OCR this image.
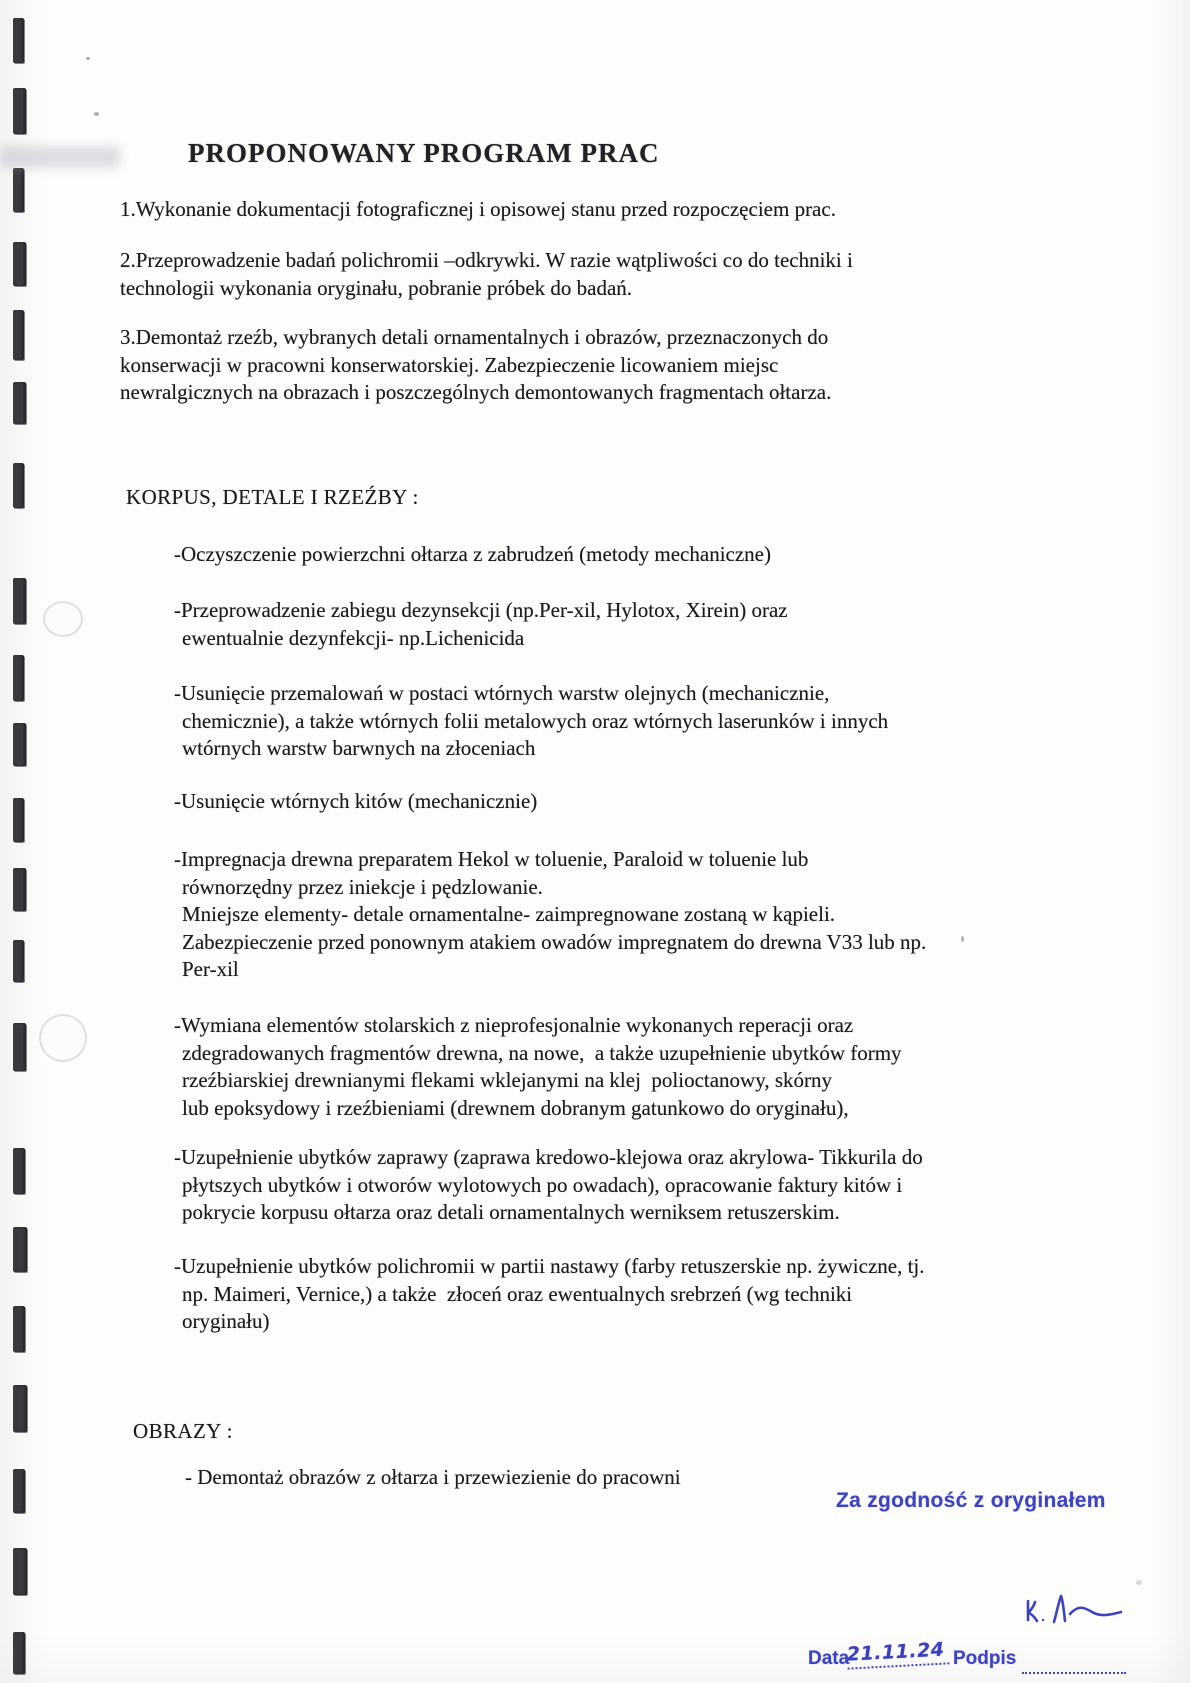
PROPONOWANY PROGRAM PRAC
1.Wykonanie dokumentacji fotograficznej i opisowej stanu przed rozpoczęciem prac.
2.Przeprowadzenie badań polichromii –odkrywki. W razie wątpliwości co do techniki i
technologii wykonania oryginału, pobranie próbek do badań.
3.Demontaż rzeźb, wybranych detali ornamentalnych i obrazów, przeznaczonych do
konserwacji w pracowni konserwatorskiej. Zabezpieczenie licowaniem miejsc
newralgicznych na obrazach i poszczególnych demontowanych fragmentach ołtarza.
KORPUS, DETALE I RZEŹBY :
-Oczyszczenie powierzchni ołtarza z zabrudzeń (metody mechaniczne)
-Przeprowadzenie zabiegu dezynsekcji (np.Per-xil, Hylotox, Xirein) oraz
ewentualnie dezynfekcji- np.Lichenicida
-Usunięcie przemalowań w postaci wtórnych warstw olejnych (mechanicznie,
chemicznie), a także wtórnych folii metalowych oraz wtórnych laserunków i innych
wtórnych warstw barwnych na złoceniach
-Usunięcie wtórnych kitów (mechanicznie)
-Impregnacja drewna preparatem Hekol w toluenie, Paraloid w toluenie lub
równorzędny przez iniekcje i pędzlowanie.
Mniejsze elementy- detale ornamentalne- zaimpregnowane zostaną w kąpieli.
Zabezpieczenie przed ponownym atakiem owadów impregnatem do drewna V33 lub np.
Per-xil
-Wymiana elementów stolarskich z nieprofesjonalnie wykonanych reperacji oraz
zdegradowanych fragmentów drewna, na nowe,  a także uzupełnienie ubytków formy
rzeźbiarskiej drewnianymi flekami wklejanymi na klej  polioctanowy, skórny
lub epoksydowy i rzeźbieniami (drewnem dobranym gatunkowo do oryginału),
-Uzupełnienie ubytków zaprawy (zaprawa kredowo-klejowa oraz akrylowa- Tikkurila do
płytszych ubytków i otworów wylotowych po owadach), opracowanie faktury kitów i
pokrycie korpusu ołtarza oraz detali ornamentalnych werniksem retuszerskim.
-Uzupełnienie ubytków polichromii w partii nastawy (farby retuszerskie np. żywiczne, tj.
np. Maimeri, Vernice,) a także  złoceń oraz ewentualnych srebrzeń (wg techniki
oryginału)
OBRAZY :
- Demontaż obrazów z ołtarza i przewiezienie do pracowni
Za zgodność z oryginałem
Data
21.11.24 Podpis
